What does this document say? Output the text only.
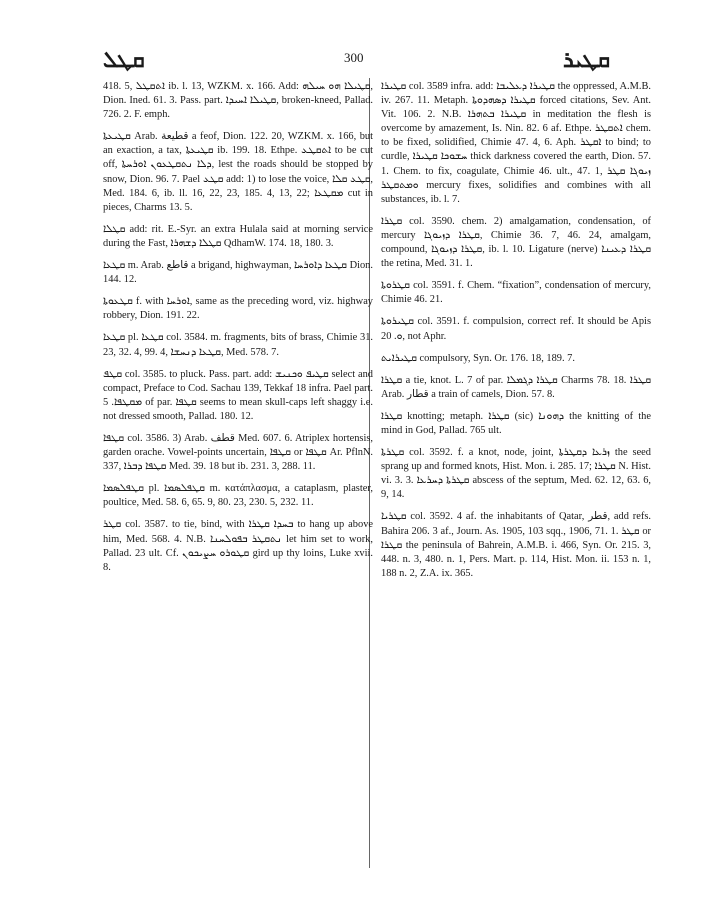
ܩܛܠ	300	ܩܛܝܪ

418. 5, ܐܬܩܛܠ ib. l. 13, WZKM. x. 166. Add: ܩܛܝܠܐ ܗܘ ܚܝܠܗ, Dion. Ined. 61. 3. Pass. part. ܩܛܝܠܐ ܐܚܝܕܐ, broken-kneed, Pallad. 726. 2. F. emph.

ܩܛܝܥܬܐ Arab. قطيعة a feof, Dion. 122. 20, WZKM. x. 166, but an exaction, a tax, ܩܛܝܥܬܐ ib. 199. 18. Ethpe. ܐܬܩܛܥ to be cut off, ܕܠܐ ܢܬܩܛܥܘܢ ܐܘܪܚܬܐ, lest the roads should be stopped by snow, Dion. 96. 7. Pael ܩܛܥ add: 1) to lose the voice, ܩܛܥ ܩܠܐ, Med. 184. 6, ib. ll. 16, 22, 23, 185. 4, 13, 22; ܡܩܛܥܐ cut in pieces, Charms 13. 5.

ܩܛܠܐ add: rit. E.-Syr. an extra Hulala said at morning service during the Fast, ܩܛܠܐ ܕܫܗܪܐ QdhamW. 174. 18, 180. 3.

ܩܛܥܐ m. Arab. قاطع a brigand, highwayman, ܩܛܥܐ ܕܐܘܪܚܐ Dion. 144. 12.

ܩܛܥܘܬܐ f. with ܐܘܪܚܐ, same as the preceding word, viz. highway robbery, Dion. 191. 22.

ܩܛܥܐ pl. ܩܛܥܐ col. 3584. m. fragments, bits of brass, Chimie 31. 23, 32. 4, 99. 4, ܩܛܥܐ ܕܢܚܫܐ, Med. 578. 7.

ܩܛܦ col. 3585. to pluck. Pass. part. add: ܩܛܝܦ ܘܟܢܝܫ select and compact, Preface to Cod. Sachau 139, Tekkaf 18 infra. Pael part. ܡܩܛܦܐ. 5 of par. ܩܛܦܐ seems to mean skull-caps left shaggy i.e. not dressed smooth, Pallad. 180. 12.

ܩܛܦܐ col. 3586. 3) Arab. قطف Med. 607. 6. Atriplex hortensis, garden orache. Vowel-points uncertain, ܩܛܦܐ or ܩܛܦܐ Ar. PflnN. 337, ܩܛܦܐ ܕܒܪܐ Med. 39. 18 but ib. 231. 3, 288. 11.

ܩܛܦܠܣܡܐ pl. ܩܛܦܠܣܡܐ m. κατάπλασμα, a cataplasm, plaster, poultice, Med. 58. 6, 65. 9, 80. 23, 230. 5, 232. 11.

ܩܛܪ col. 3587. to tie, bind, with ܒܚܕܐ ܩܛܪܐ to hang up above him, Med. 568. 4. N.B. ܢܬܩܛܪ ܒܦܘܠܚܢܐ let him set to work, Pallad. 23 ult. Cf. ܩܛܘܪܘ ܚܨܝܟܘܢ gird up thy loins, Luke xvii. 8.

ܩܛܝܪܐ col. 3589 infra. add: ܩܛܝܪܐ ܕܥܠܝܒܐ the oppressed, A.M.B. iv. 267. 11. Metaph. ܩܛܝܪܐ ܕܣܗܕܘܬܐ forced citations, Sev. Ant. Vit. 106. 2. N.B. ܩܛܝܪܐ ܒܬܗܪܐ in meditation the flesh is overcome by amazement, Is. Nin. 82. 6 af. Ethpe. ܐܬܩܛܪ chem. to be fixed, solidified, Chimie 47. 4, 6. Aph. ܐܩܛܪ to bind; to curdle, ܚܫܘܟܐ ܩܛܝܪܐ thick darkness covered the earth, Dion. 57. 1. Chem. to fix, coagulate, Chimie 46. ult., 47. 1, ܙܝܘܓܐ ܩܛܪ ܘܡܬܩܛܪ mercury fixes, solidifies and combines with all substances, ib. l. 7.

ܩܛܪܐ col. 3590. chem. 2) amalgamation, condensation, of mercury ܩܛܪܐ ܕܙܝܘܓܐ, Chimie 36. 7, 46. 24, amalgam, compound, ܩܛܪܐ ܕܙܝܘܓܐ, ib. l. 10. Ligature (nerve) ܩܛܪܐ ܕܥܝܢܐ the retina, Med. 31. 1.

ܩܛܪܘܬܐ col. 3591. f. Chem. “fixation”, condensation of mercury, Chimie 46. 21.

ܩܛܝܪܘܬܐ col. 3591. f. compulsion, correct ref. It should be Apis ܘ. 20, not Aphr.

ܩܛܝܪܐܝܬ compulsory, Syn. Or. 176. 18, 189. 7.

ܩܛܪܐ a tie, knot. L. 7 of par. ܩܛܪܐ ܕܓܡܠܐ Charms 78. 18. ܩܛܪܐ Arab. قطار a train of camels, Dion. 57. 8.

ܩܛܪܐ knotting; metaph. ܩܛܪܐ (sic) ܕܗܘܢܐ the knitting of the mind in God, Pallad. 765 ult.

ܩܛܪܬܐ col. 3592. f. a knot, node, joint, ܙܪܥܐ ܕܩܛܪܬܐ the seed sprang up and formed knots, Hist. Mon. i. 285. 17; ܩܛܪܐ N. Hist. vi. 3. 3. ܩܛܪܬܐ ܕܚܪܥܐ abscess of the septum, Med. 62. 12, 63. 6, 9, 14.

ܩܛܪܝܐ col. 3592. 4 af. the inhabitants of Qatar, قطر, add refs. Bahira 206. 3 af., Journ. As. 1905, 103 sqq., 1906, 71. 1. ܩܛܪ or ܩܛܪܐ the peninsula of Bahrein, A.M.B. i. 466, Syn. Or. 215. 3, 448. n. 3, 480. n. 1, Pers. Mart. p. 114, Hist. Mon. ii. 153 n. 1, 188 n. 2, Z.A. ix. 365.
